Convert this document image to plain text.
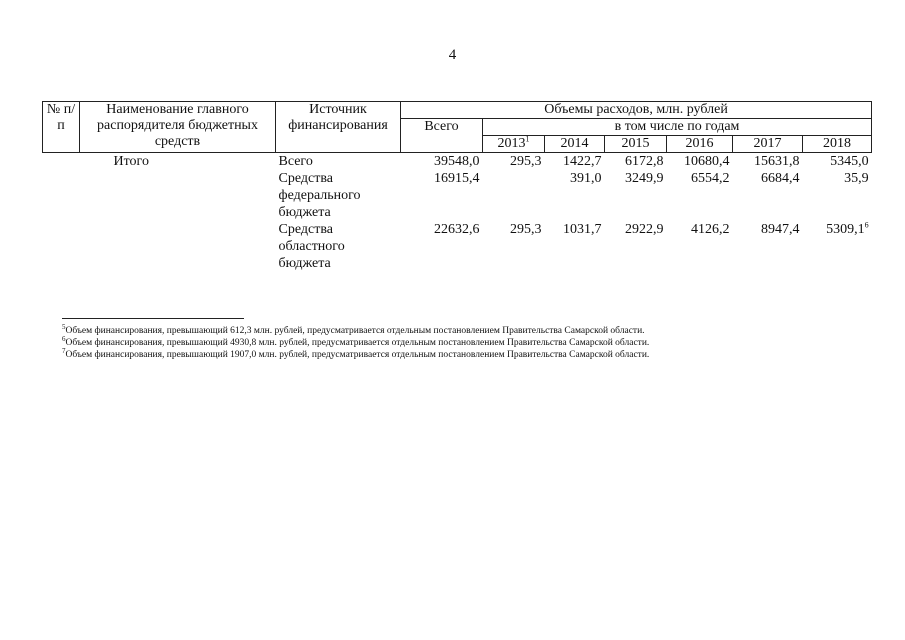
4
№ п/п	Наименование главного распорядителя бюджетных средств	Источник финансирования	Объемы расходов, млн. рублей						
			Всего	в том числе по годам					
				2013$^1$	2014	2015	2016	2017	2018
	Итого	Всего	39548,0	295,3	1422,7	6172,8	10680,4	15631,8	5345,0
		Средства федерального бюджета	16915,4		391,0	3249,9	6554,2	6684,4	35,9
		Средства областного бюджета	22632,6	295,3	1031,7	2922,9	4126,2	8947,4	5309,1$^6$
$^5$Объем финансирования, превышающий 612,3 млн. рублей, предусматривается отдельным постановлением Правительства Самарской области.
$^6$Объем финансирования, превышающий 4930,8 млн. рублей, предусматривается отдельным постановлением Правительства Самарской области.
$^7$Объем финансирования, превышающий 1907,0 млн. рублей, предусматривается отдельным постановлением Правительства Самарской области.
